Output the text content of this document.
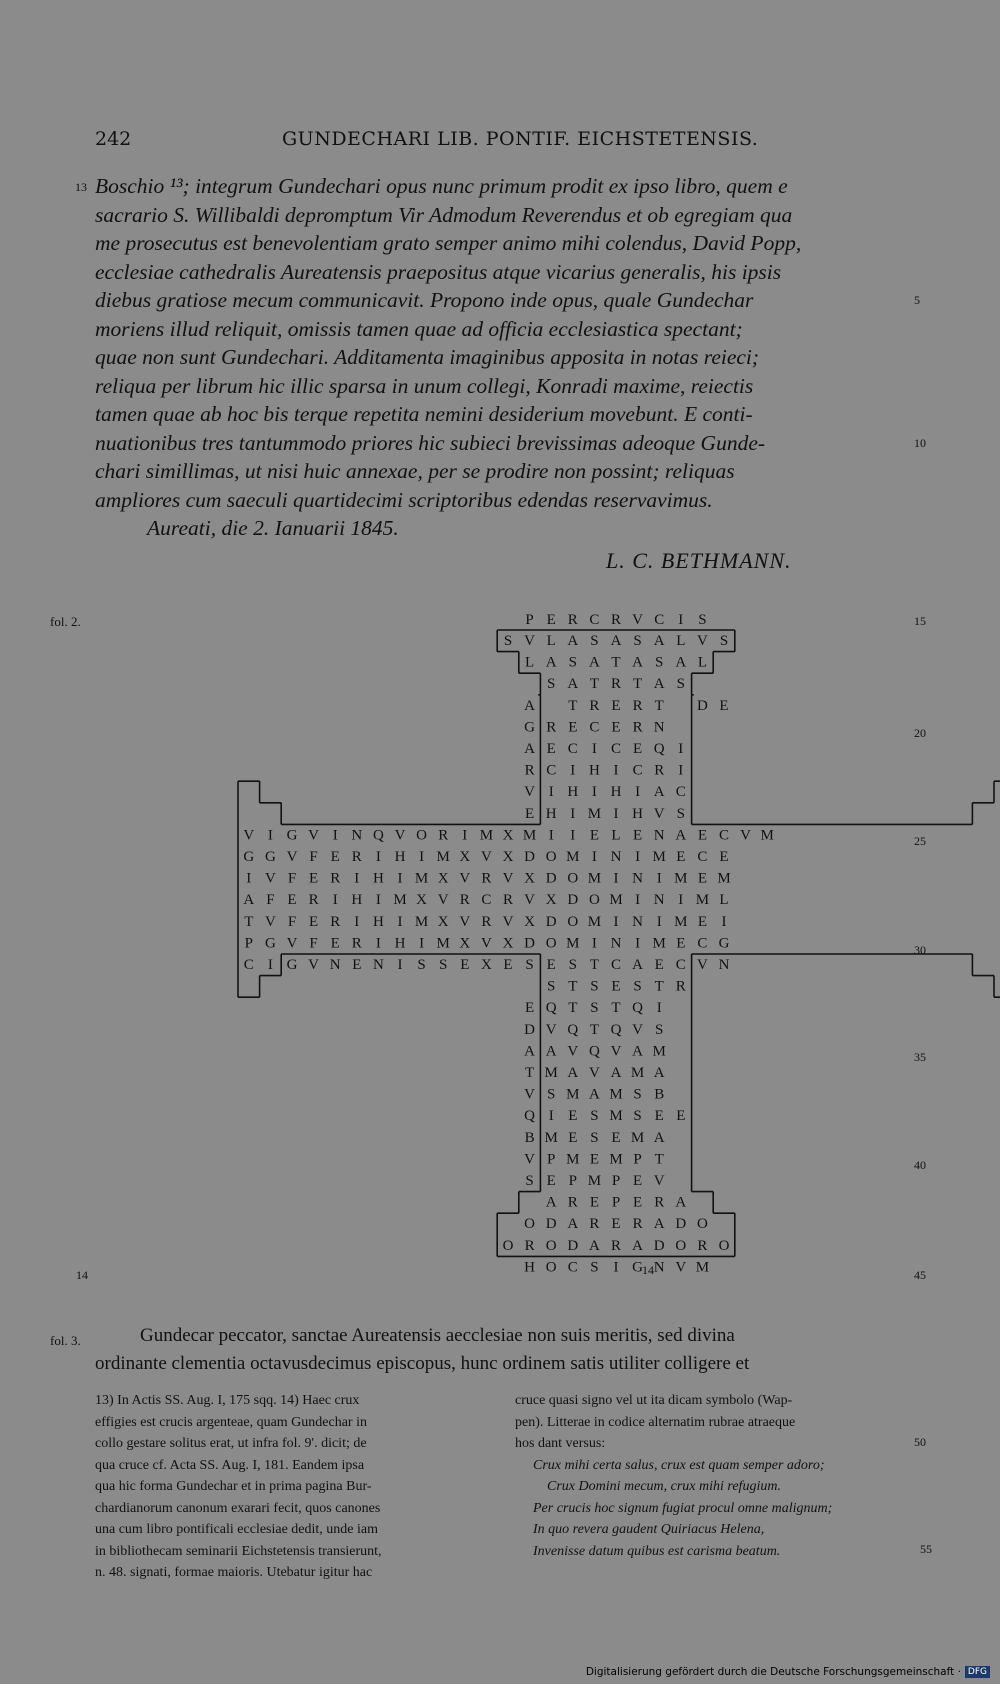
242	GUNDECHARI LIB. PONTIF. EICHSTETENSIS.
13
5
10
Boschio ¹³; integrum Gundechari opus nunc primum prodit ex ipso libro, quem e
sacrario S. Willibaldi depromptum Vir Admodum Reverendus et ob egregiam qua
me prosecutus est benevolentiam grato semper animo mihi colendus, David Popp,
ecclesiae cathedralis Aureatensis praepositus atque vicarius generalis, his ipsis
diebus gratiose mecum communicavit. Propono inde opus, quale Gundechar
moriens illud reliquit, omissis tamen quae ad officia ecclesiastica spectant;
quae non sunt Gundechari. Additamenta imaginibus apposita in notas reieci;
reliqua per librum hic illic sparsa in unum collegi, Konradi maxime, reiectis
tamen quae ab hoc bis terque repetita nemini desiderium movebunt. E conti-
nuationibus tres tantummodo priores hic subieci brevissimas adeoque Gunde-
chari simillimas, ut nisi huic annexae, per se prodire non possint; reliquas
ampliores cum saeculi quartidecimi scriptoribus edendas reservavimus.
Aureati, die 2. Ianuarii 1845.
L. C. BETHMANN.
fol. 2.	15
20
25
30
35
40
14	14	45
P E R C R V C I S
S V L A S A S A L V S
L A S A T A S A L
S A T R T A S
A T R E R T D E
G R E C E R N
A E C I C E Q I
R C I H I C R I
V I H I H I A C
E H I M I H V S
V I G V I N Q V O R I M X M I I E L E N A E C V M
G G V F E R I H I M X V X D O M I N I M E C E
I V F E R I H I M X V R V X D O M I N I M E M
A F E R I H I M X V R C R V X D O M I N I M L
T V F E R I H I M X V R V X D O M I N I M E I
P G V F E R I H I M X V X D O M I N I M E C G
C I G V N E N I S S E X E S E S T C A E C V N
S T S E S T R
E Q T S T Q I
D V Q T Q V S
A A V Q V A M
T M A V A M A
V S M A M S B
Q I E S M S E E
B M E S E M A
V P M E M P T
S E P M P E V
A R E P E R A
O D A R E R A D O
O R O D A R A D O R O
H O C S I G N V M
fol. 3.	Gundecar peccator, sanctae Aureatensis aecclesiae non suis meritis, sed divina
ordinante clementia octavusdecimus episcopus, hunc ordinem satis utiliter colligere et
13) In Actis SS. Aug. I, 175 sqq. 14) Haec crux
effigies est crucis argenteae, quam Gundechar in
collo gestare solitus erat, ut infra fol. 9'. dicit; de
qua cruce cf. Acta SS. Aug. I, 181. Eandem ipsa
qua hic forma Gundechar et in prima pagina Bur-
chardianorum canonum exarari fecit, quos canones
una cum libro pontificali ecclesiae dedit, unde iam
in bibliothecam seminarii Eichstetensis transierunt,
n. 48. signati, formae maioris. Utebatur igitur hac
cruce quasi signo vel ut ita dicam symbolo (Wap-
pen). Litterae in codice alternatim rubrae atraeque
hos dant versus:
Crux mihi certa salus, crux est quam semper adoro;
Crux Domini mecum, crux mihi refugium.
Per crucis hoc signum fugiat procul omne malignum;
In quo revera gaudent Quiriacus Helena,
Invenisse datum quibus est carisma beatum.
50
55
Digitalisierung gefördert durch die Deutsche Forschungsgemeinschaft · DFG
